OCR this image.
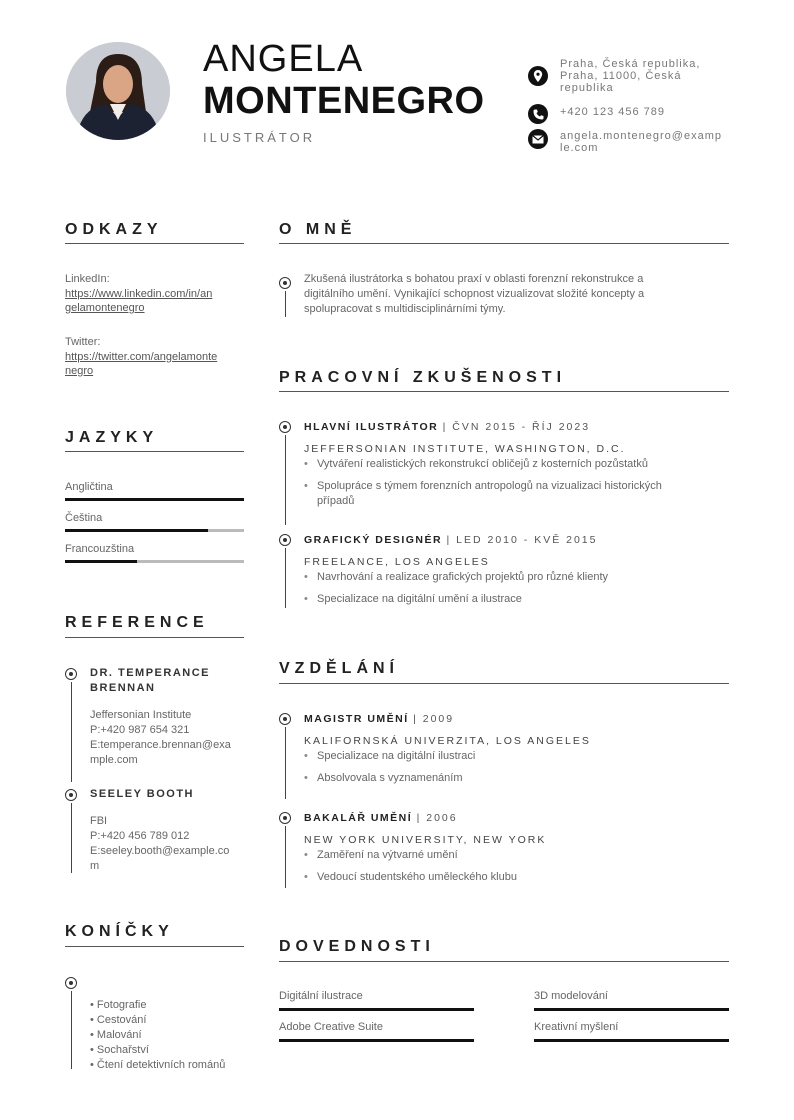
ANGELA
MONTENEGRO
ILUSTRÁTOR
Praha, Česká republika,
Praha, 11000, Česká
republika
+420 123 456 789
angela.montenegro@examp
le.com
ODKAZY
LinkedIn:
https://www.linkedin.com/in/an
gelamontenegro
Twitter:
https://twitter.com/angelamonte
negro
JAZYKY
Angličtina
Čeština
Francouzština
REFERENCE
DR. TEMPERANCE
BRENNAN
Jeffersonian Institute
P:+420 987 654 321
E:temperance.brennan@exa
mple.com
SEELEY BOOTH
FBI
P:+420 456 789 012
E:seeley.booth@example.co
m
KONÍČKY
• Fotografie
• Cestování
• Malování
• Sochařství
• Čtení detektivních románů
O MNĚ
Zkušená ilustrátorka s bohatou praxí v oblasti forenzní rekonstrukce a
digitálního umění. Vynikající schopnost vizualizovat složité koncepty a
spolupracovat s multidisciplinárními týmy.
PRACOVNÍ ZKUŠENOSTI
HLAVNÍ ILUSTRÁTOR | ČVN 2015 - ŘÍJ 2023
JEFFERSONIAN INSTITUTE, WASHINGTON, D.C.
• Vytváření realistických rekonstrukcí obličejů z kosterních pozůstatků
• Spolupráce s týmem forenzních antropologů na vizualizaci historických
případů
GRAFICKÝ DESIGNÉR | LED 2010 - KVĚ 2015
FREELANCE, LOS ANGELES
• Navrhování a realizace grafických projektů pro různé klienty
• Specializace na digitální umění a ilustrace
VZDĚLÁNÍ
MAGISTR UMĚNÍ | 2009
KALIFORNSKÁ UNIVERZITA, LOS ANGELES
• Specializace na digitální ilustraci
• Absolvovala s vyznamenáním
BAKALÁŘ UMĚNÍ | 2006
NEW YORK UNIVERSITY, NEW YORK
• Zaměření na výtvarné umění
• Vedoucí studentského uměleckého klubu
DOVEDNOSTI
Digitální ilustrace	3D modelování
Adobe Creative Suite	Kreativní myšlení
